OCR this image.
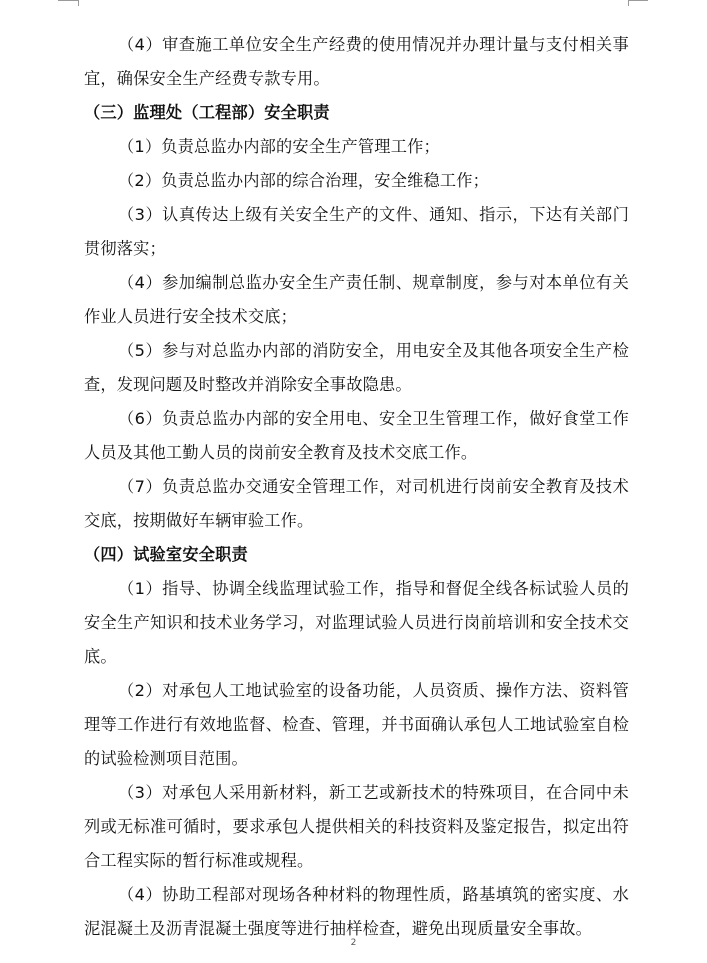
（4）审查施工单位安全生产经费的使用情况并办理计量与支付相关事宜，确保安全生产经费专款专用。

（三）监理处（工程部）安全职责

（1）负责总监办内部的安全生产管理工作；

（2）负责总监办内部的综合治理，安全维稳工作；

（3）认真传达上级有关安全生产的文件、通知、指示，下达有关部门贯彻落实；

（4）参加编制总监办安全生产责任制、规章制度，参与对本单位有关作业人员进行安全技术交底；

（5）参与对总监办内部的消防安全，用电安全及其他各项安全生产检查，发现问题及时整改并消除安全事故隐患。

（6）负责总监办内部的安全用电、安全卫生管理工作，做好食堂工作人员及其他工勤人员的岗前安全教育及技术交底工作。

（7）负责总监办交通安全管理工作，对司机进行岗前安全教育及技术交底，按期做好车辆审验工作。

（四）试验室安全职责

（1）指导、协调全线监理试验工作，指导和督促全线各标试验人员的安全生产知识和技术业务学习，对监理试验人员进行岗前培训和安全技术交底。

（2）对承包人工地试验室的设备功能，人员资质、操作方法、资料管理等工作进行有效地监督、检查、管理，并书面确认承包人工地试验室自检的试验检测项目范围。

（3）对承包人采用新材料，新工艺或新技术的特殊项目，在合同中未列或无标准可循时，要求承包人提供相关的科技资料及鉴定报告，拟定出符合工程实际的暂行标准或规程。

（4）协助工程部对现场各种材料的物理性质，路基填筑的密实度、水泥混凝土及沥青混凝土强度等进行抽样检查，避免出现质量安全事故。

2
